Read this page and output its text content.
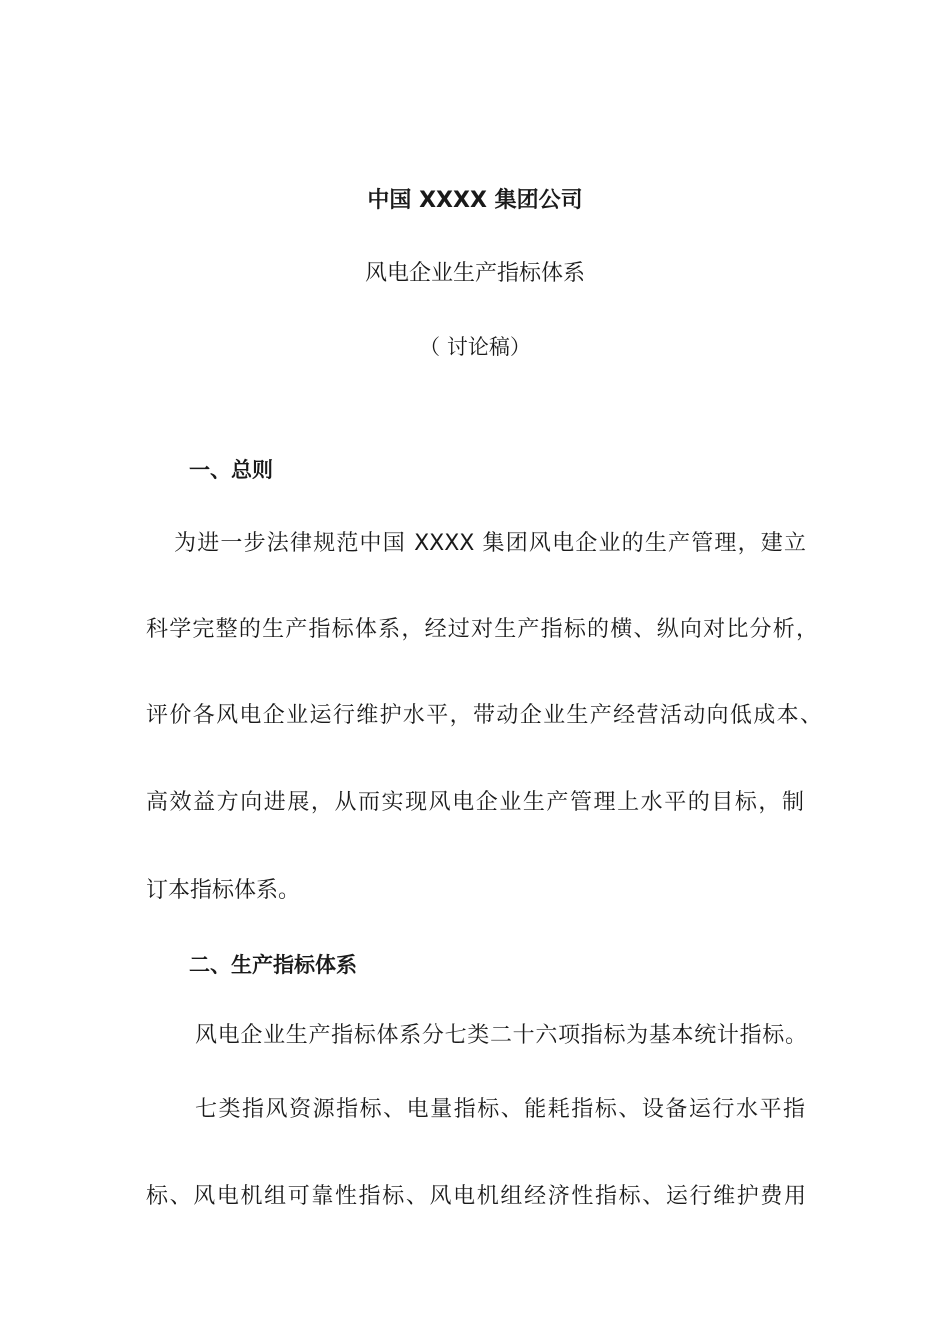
中国 XXXX 集团公司
风电企业生产指标体系
（ 讨论稿）
一、总则
为进一步法律规范中国 XXXX 集团风电企业的生产管理，建立
科学完整的生产指标体系，经过对生产指标的横、纵向对比分析，
评价各风电企业运行维护水平，带动企业生产经营活动向低成本、
高效益方向进展，从而实现风电企业生产管理上水平的目标，制
订本指标体系。
二、生产指标体系
风电企业生产指标体系分七类二十六项指标为基本统计指标。
七类指风资源指标、电量指标、能耗指标、设备运行水平指
标、风电机组可靠性指标、风电机组经济性指标、运行维护费用
